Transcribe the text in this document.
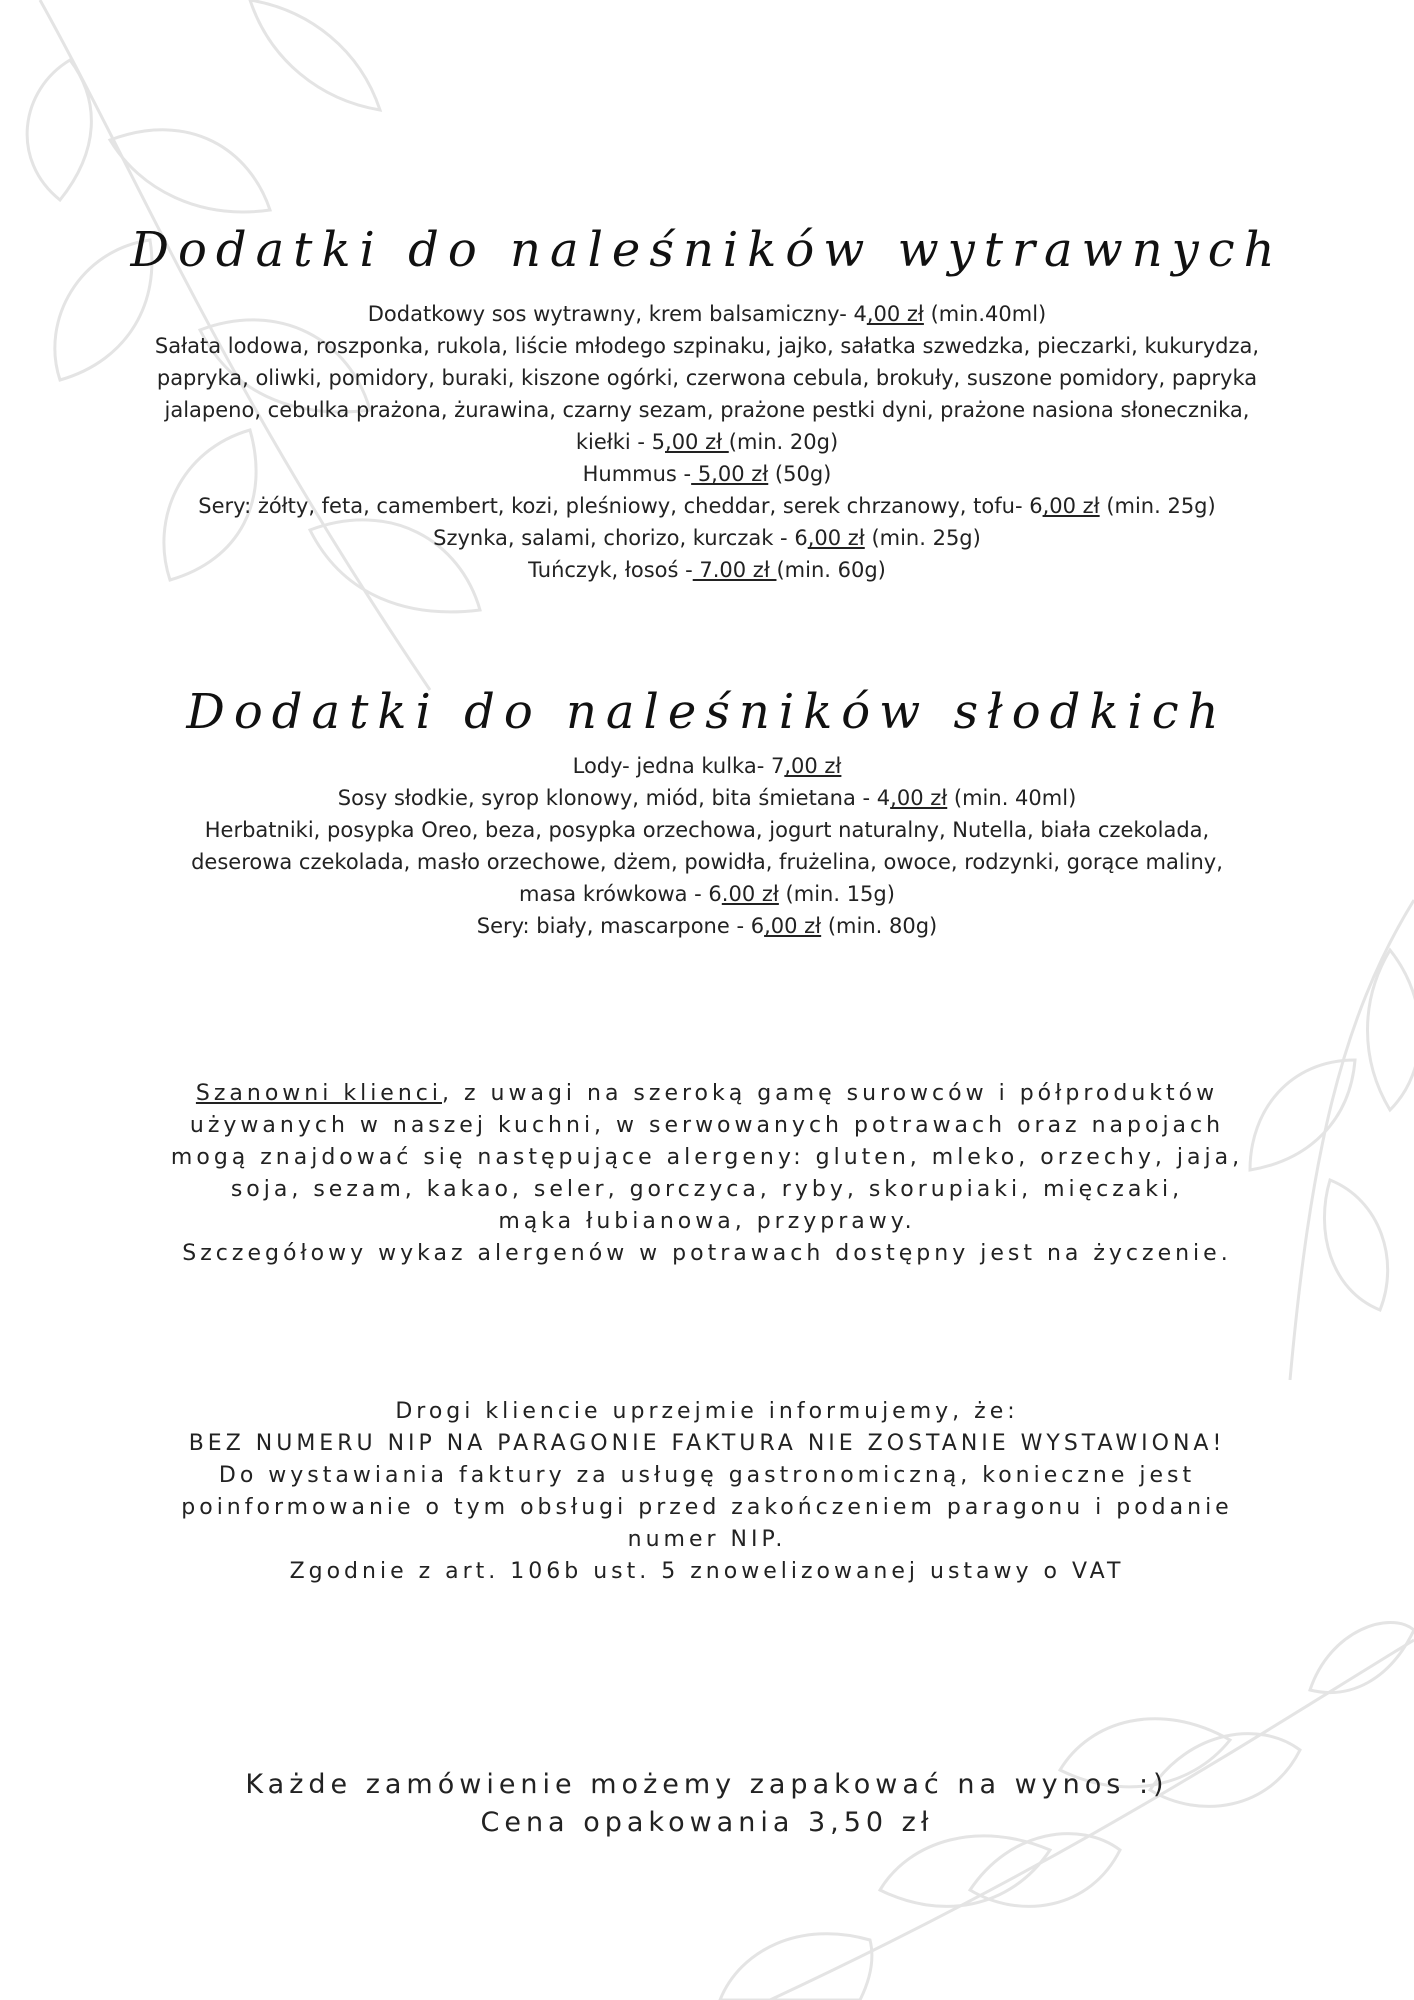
Dodatki do naleśników wytrawnych
Dodatkowy sos wytrawny, krem balsamiczny- 4,00 zł (min.40ml)
Sałata lodowa, roszponka, rukola, liście młodego szpinaku, jajko, sałatka szwedzka, pieczarki, kukurydza,
papryka, oliwki, pomidory, buraki, kiszone ogórki, czerwona cebula, brokuły, suszone pomidory, papryka
jalapeno, cebulka prażona, żurawina, czarny sezam, prażone pestki dyni, prażone nasiona słonecznika,
kiełki - 5,00 zł (min. 20g)
Hummus - 5,00 zł (50g)
Sery: żółty, feta, camembert, kozi, pleśniowy, cheddar, serek chrzanowy, tofu- 6,00 zł (min. 25g)
Szynka, salami, chorizo, kurczak - 6,00 zł (min. 25g)
Tuńczyk, łosoś - 7.00 zł (min. 60g)
Dodatki do naleśników słodkich
Lody- jedna kulka- 7,00 zł
Sosy słodkie, syrop klonowy, miód, bita śmietana - 4,00 zł (min. 40ml)
Herbatniki, posypka Oreo, beza, posypka orzechowa, jogurt naturalny, Nutella, biała czekolada,
deserowa czekolada, masło orzechowe, dżem, powidła, frużelina, owoce, rodzynki, gorące maliny,
masa krówkowa - 6.00 zł (min. 15g)
Sery: biały, mascarpone - 6,00 zł (min. 80g)
Szanowni klienci, z uwagi na szeroką gamę surowców i półproduktów
używanych w naszej kuchni, w serwowanych potrawach oraz napojach
mogą znajdować się następujące alergeny: gluten, mleko, orzechy, jaja,
soja, sezam, kakao, seler, gorczyca, ryby, skorupiaki, mięczaki,
mąka łubianowa, przyprawy.
Szczegółowy wykaz alergenów w potrawach dostępny jest na życzenie.
Drogi kliencie uprzejmie informujemy, że:
BEZ NUMERU NIP NA PARAGONIE FAKTURA NIE ZOSTANIE WYSTAWIONA!
Do wystawiania faktury za usługę gastronomiczną, konieczne jest
poinformowanie o tym obsługi przed zakończeniem paragonu i podanie
numer NIP.
Zgodnie z art. 106b ust. 5 znowelizowanej ustawy o VAT
Każde zamówienie możemy zapakować na wynos :)
Cena opakowania 3,50 zł
